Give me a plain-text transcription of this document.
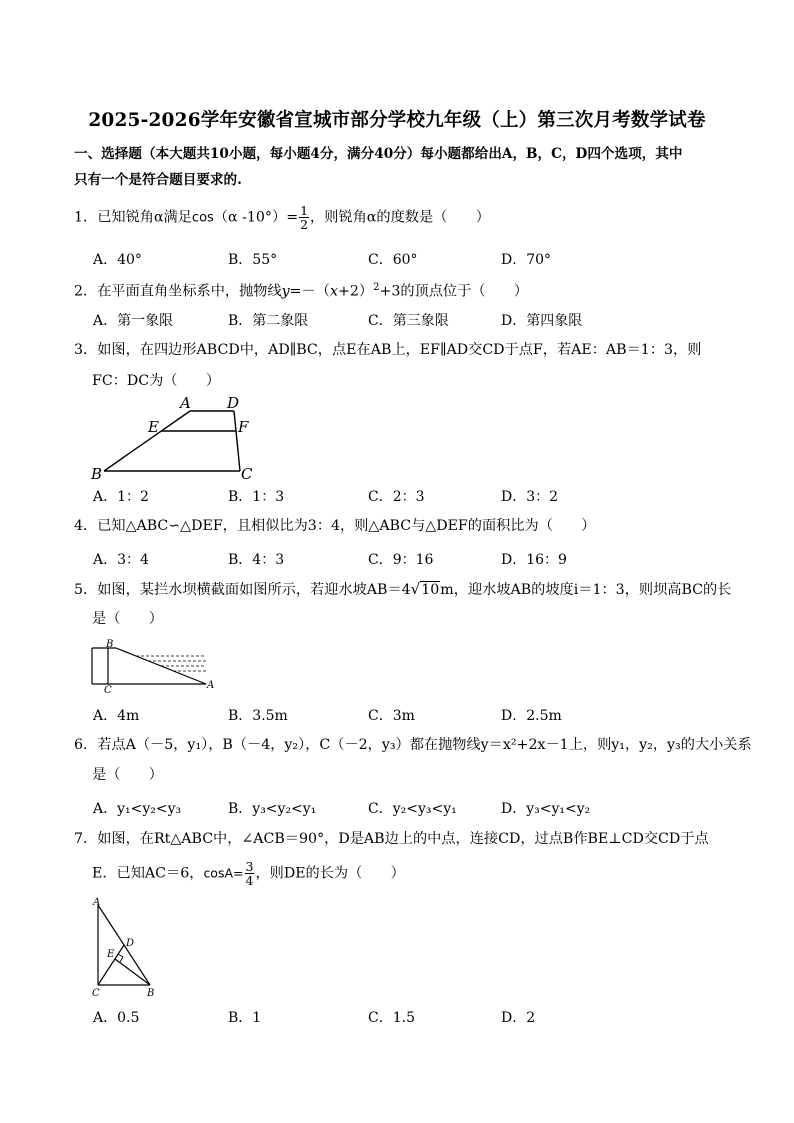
2025-2026学年安徽省宣城市部分学校九年级（上）第三次月考数学试卷
一、选择题（本大题共10小题，每小题4分，满分40分）每小题都给出A，B，C，D四个选项，其中
只有一个是符合题目要求的.
1．已知锐角α满足cos（α $-10^\circ)= \frac{1}{2}$ ，则锐角α的度数是（　　）
A．40°	B．55°	C．60°	D．70°
2．在平面直角坐标系中，抛物线$y=-(x+2)^2+3$的顶点位于（　　）
A．第一象限	B．第二象限	C．第三象限	D．第四象限
3．如图，在四边形ABCD中，AD∥BC，点E在AB上，EF∥AD交CD于点F，若AE：AB＝1：3，则
FC：DC为（　　）
A D
E	F
B	C
A．1：2	B．1：3	C．2：3	D．3：2
4．已知△ABC∽△DEF，且相似比为3：4，则△ABC与△DEF的面积比为（　　）
A．3：4	B．4：3	C．9：16	D．16：9
5．如图，某拦水坝横截面如图所示，若迎水坡AB＝4√10m，迎水坡AB的坡度i＝1：3，则坝高BC的长
是（　　）
B
C	A
A．4m	B．3.5m	C．3m	D．2.5m
6．若点A（－5，y₁），B（－4，y₂），C（－2，y₃）都在抛物线y＝x²+2x－1上，则y₁，y₂，y₃的大小关系
是（　　）
A．y₁<y₂<y₃	B．y₃<y₂<y₁	C．y₂<y₃<y₁	D．y₃<y₁<y₂
7．如图，在Rt△ABC中，∠ACB＝90°，D是AB边上的中点，连接CD，过点B作BE⊥CD交CD于点
E．已知AC＝6，$\cos A= \frac{3}{4}$ ，则DE的长为（　　）
A
D
E
C	B
A．0.5	B．1	C．1.5	D．2
